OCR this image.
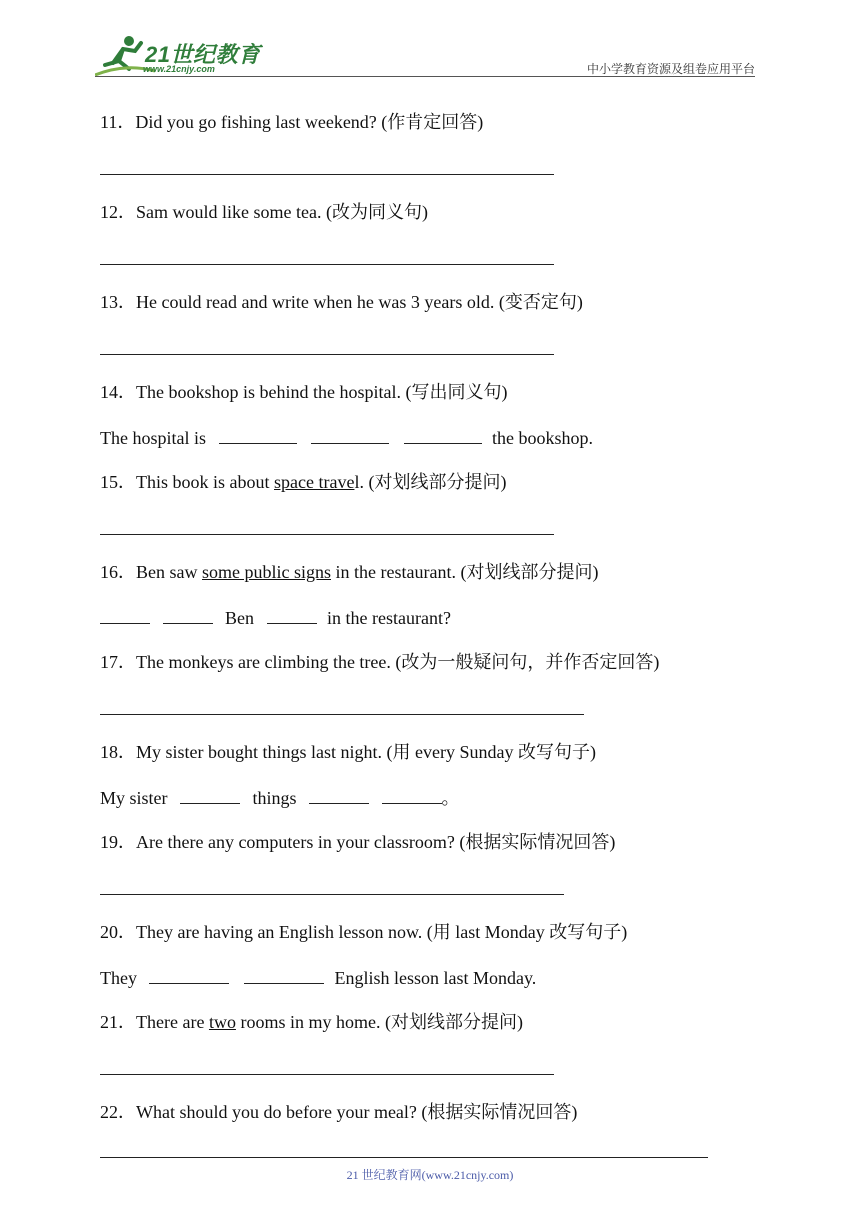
21世纪教育
www.21cnjy.com	中小学教育资源及组卷应用平台
11．Did you go fishing last weekend? (作肯定回答)
12．Sam would like some tea. (改为同义句)
13．He could read and write when he was 3 years old. (变否定句)
14．The bookshop is behind the hospital. (写出同义句)
The hospital is	the bookshop.
15．This book is about space travel. (对划线部分提问)
16．Ben saw some public signs in the restaurant. (对划线部分提问)
Ben	in the restaurant?
17．The monkeys are climbing the tree. (改为一般疑问句，并作否定回答)
18．My sister bought things last night. (用 every Sunday 改写句子)
My sister	things	。
19．Are there any computers in your classroom? (根据实际情况回答)
20．They are having an English lesson now. (用 last Monday 改写句子)
They	English lesson last Monday.
21．There are two rooms in my home. (对划线部分提问)
22．What should you do before your meal? (根据实际情况回答)
21 世纪教育网(www.21cnjy.com)
